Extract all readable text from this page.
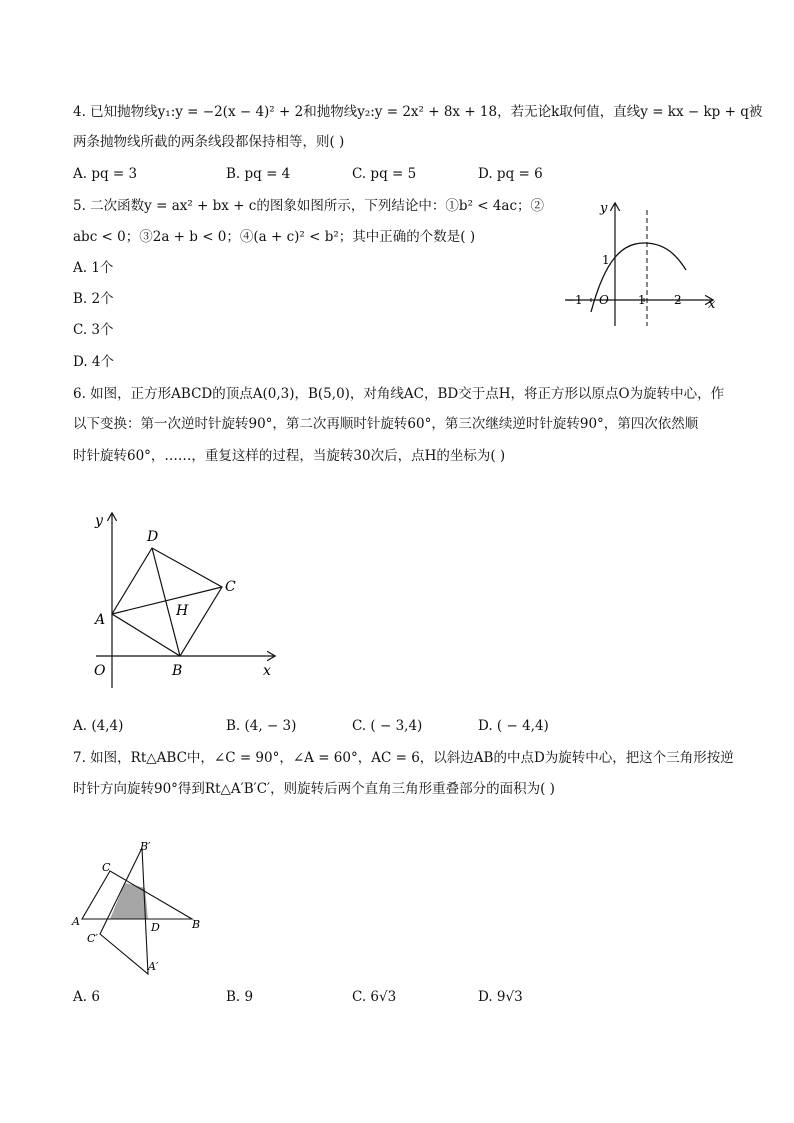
4. 已知抛物线y₁:y = −2(x − 4)² + 2和抛物线y₂:y = 2x² + 8x + 18，若无论k取何值，直线y = kx − kp + q被
两条抛物线所截的两条线段都保持相等，则( )
A. pq = 3	B. pq = 4	C. pq = 5	D. pq = 6
5. 二次函数y = ax² + bx + c的图象如图所示，下列结论中：①b² < 4ac；②
abc < 0；③2a + b < 0；④(a + c)² < b²；其中正确的个数是( )
A. 1个
B. 2个
C. 3个
D. 4个
y
x
O
−1	1 2
1
6. 如图，正方形ABCD的顶点A(0,3)，B(5,0)，对角线AC，BD交于点H，将正方形以原点O为旋转中心，作
以下变换：第一次逆时针旋转90°，第二次再顺时针旋转60°，第三次继续逆时针旋转90°，第四次依然顺
时针旋转60°，……，重复这样的过程，当旋转30次后，点H的坐标为( )
y
x
O
A
B
C
D
H
A. (4,4)	B. (4, − 3)	C. ( − 3,4)	D. ( − 4,4)
7. 如图，Rt△ABC中，∠C = 90°，∠A = 60°，AC = 6，以斜边AB的中点D为旋转中心，把这个三角形按逆
时针方向旋转90°得到Rt△A′B′C′，则旋转后两个直角三角形重叠部分的面积为( )
A	B
C
D
A′
B′
C′
A. 6	B. 9	C. 6√3	D. 9√3
